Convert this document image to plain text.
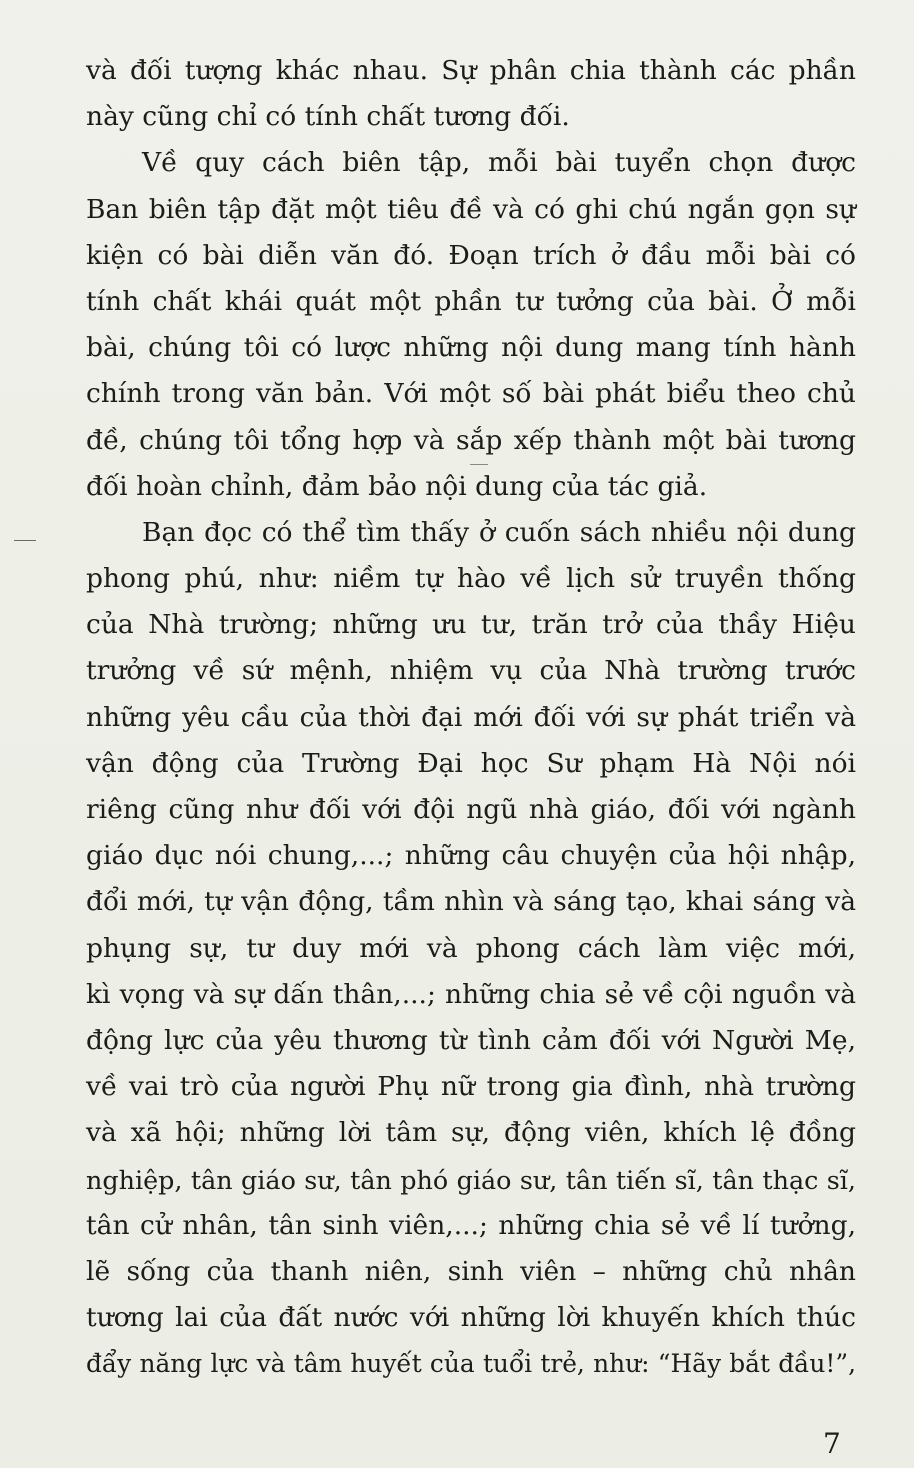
và đối tượng khác nhau. Sự phân chia thành các phần
này cũng chỉ có tính chất tương đối.
Về quy cách biên tập, mỗi bài tuyển chọn được
Ban biên tập đặt một tiêu đề và có ghi chú ngắn gọn sự
kiện có bài diễn văn đó. Đoạn trích ở đầu mỗi bài có
tính chất khái quát một phần tư tưởng của bài. Ở mỗi
bài, chúng tôi có lược những nội dung mang tính hành
chính trong văn bản. Với một số bài phát biểu theo chủ
đề, chúng tôi tổng hợp và sắp xếp thành một bài tương
đối hoàn chỉnh, đảm bảo nội dung của tác giả.
Bạn đọc có thể tìm thấy ở cuốn sách nhiều nội dung
phong phú, như: niềm tự hào về lịch sử truyền thống
của Nhà trường; những ưu tư, trăn trở của thầy Hiệu
trưởng về sứ mệnh, nhiệm vụ của Nhà trường trước
những yêu cầu của thời đại mới đối với sự phát triển và
vận động của Trường Đại học Sư phạm Hà Nội nói
riêng cũng như đối với đội ngũ nhà giáo, đối với ngành
giáo dục nói chung,...; những câu chuyện của hội nhập,
đổi mới, tự vận động, tầm nhìn và sáng tạo, khai sáng và
phụng sự, tư duy mới và phong cách làm việc mới,
kì vọng và sự dấn thân,...; những chia sẻ về cội nguồn và
động lực của yêu thương từ tình cảm đối với Người Mẹ,
về vai trò của người Phụ nữ trong gia đình, nhà trường
và xã hội; những lời tâm sự, động viên, khích lệ đồng
nghiệp, tân giáo sư, tân phó giáo sư, tân tiến sĩ, tân thạc sĩ,
tân cử nhân, tân sinh viên,...; những chia sẻ về lí tưởng,
lẽ sống của thanh niên, sinh viên – những chủ nhân
tương lai của đất nước với những lời khuyến khích thúc
đẩy năng lực và tâm huyết của tuổi trẻ, như: “Hãy bắt đầu!”,
7
